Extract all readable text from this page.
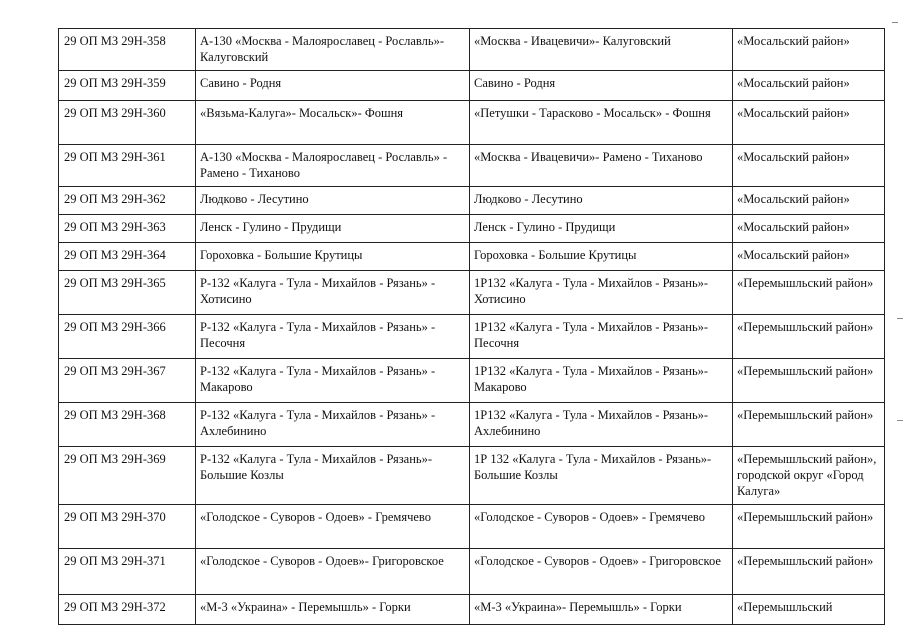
29 ОП МЗ 29Н-358	А-130 «Москва - Малоярославец - Рославль»- Калуговский	«Москва - Ивацевичи»- Калуговский	«Мосальский район»
29 ОП МЗ 29Н-359	Савино - Родня	Савино - Родня	«Мосальский район»
29 ОП МЗ 29Н-360	«Вязьма-Калуга»- Мосальск»- Фошня	«Петушки - Тарасково - Мосальск» - Фошня	«Мосальский район»
29 ОП МЗ 29Н-361	А-130 «Москва - Малоярославец - Рославль» - Рамено - Тиханово	«Москва - Ивацевичи»- Рамено - Тиханово	«Мосальский район»
29 ОП МЗ 29Н-362	Людково - Лесутино	Людково - Лесутино	«Мосальский район»
29 ОП МЗ 29Н-363	Ленск - Гулино - Прудищи	Ленск - Гулино - Прудищи	«Мосальский район»
29 ОП МЗ 29Н-364	Гороховка - Большие Крутицы	Гороховка - Большие Крутицы	«Мосальский район»
29 ОП МЗ 29Н-365	Р-132 «Калуга - Тула - Михайлов - Рязань» - Хотисино	1Р132 «Калуга - Тула - Михайлов - Рязань»- Хотисино	«Перемышльский район»
29 ОП МЗ 29Н-366	Р-132 «Калуга - Тула - Михайлов - Рязань» - Песочня	1Р132 «Калуга - Тула - Михайлов - Рязань»- Песочня	«Перемышльский район»
29 ОП МЗ 29Н-367	Р-132 «Калуга - Тула - Михайлов - Рязань» - Макарово	1Р132 «Калуга - Тула - Михайлов - Рязань»- Макарово	«Перемышльский район»
29 ОП МЗ 29Н-368	Р-132 «Калуга - Тула - Михайлов - Рязань» - Ахлебинино	1Р132 «Калуга - Тула - Михайлов - Рязань»- Ахлебинино	«Перемышльский район»
29 ОП МЗ 29Н-369	Р-132 «Калуга - Тула - Михайлов - Рязань»- Большие Козлы	1Р 132 «Калуга - Тула - Михайлов - Рязань»- Большие Козлы	«Перемышльский район», городской округ «Город Калуга»
29 ОП МЗ 29Н-370	«Голодское - Суворов - Одоев» - Гремячево	«Голодское - Суворов - Одоев» - Гремячево	«Перемышльский район»
29 ОП МЗ 29Н-371	«Голодское - Суворов - Одоев»- Григоровское	«Голодское - Суворов - Одоев» - Григоровское	«Перемышльский район»
29 ОП МЗ 29Н-372	«М-3 «Украина» - Перемышль» - Горки	«М-3 «Украина»- Перемышль» - Горки	«Перемышльский
